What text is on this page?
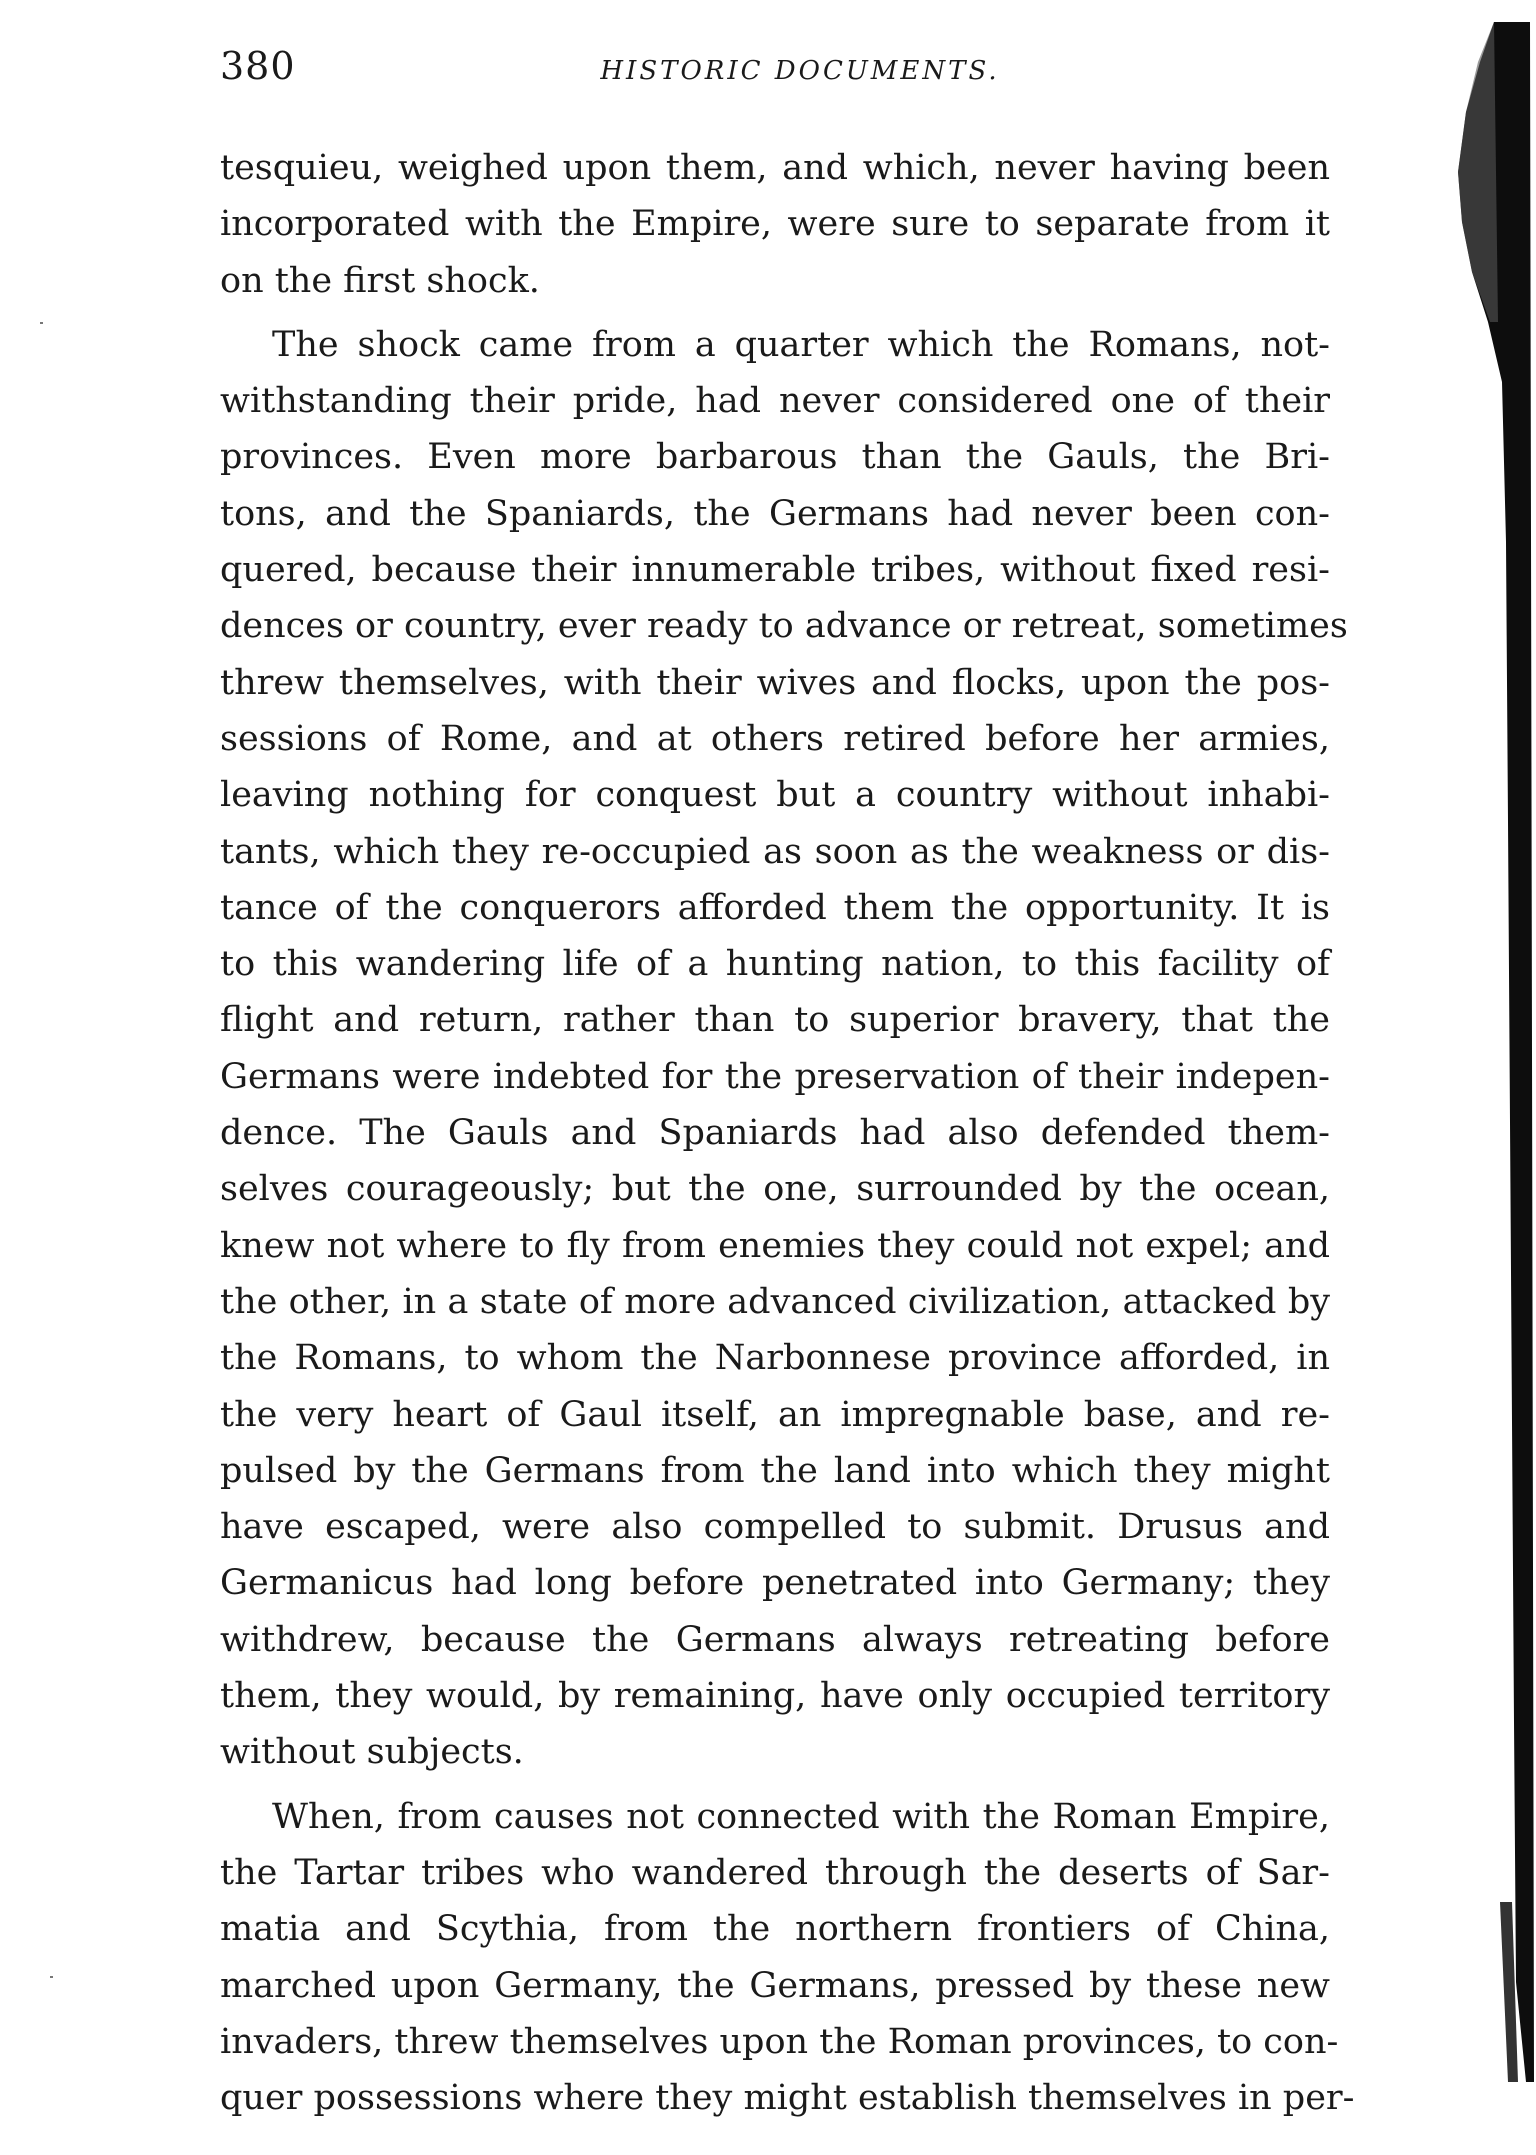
380	HISTORIC DOCUMENTS.
tesquieu, weighed upon them, and which, never having been
incorporated with the Empire, were sure to separate from it
on the first shock.
The shock came from a quarter which the Romans, not-
withstanding their pride, had never considered one of their
provinces. Even more barbarous than the Gauls, the Bri-
tons, and the Spaniards, the Germans had never been con-
quered, because their innumerable tribes, without fixed resi-
dences or country, ever ready to advance or retreat, sometimes
threw themselves, with their wives and flocks, upon the pos-
sessions of Rome, and at others retired before her armies,
leaving nothing for conquest but a country without inhabi-
tants, which they re-occupied as soon as the weakness or dis-
tance of the conquerors afforded them the opportunity. It is
to this wandering life of a hunting nation, to this facility of
flight and return, rather than to superior bravery, that the
Germans were indebted for the preservation of their indepen-
dence. The Gauls and Spaniards had also defended them-
selves courageously; but the one, surrounded by the ocean,
knew not where to fly from enemies they could not expel; and
the other, in a state of more advanced civilization, attacked by
the Romans, to whom the Narbonnese province afforded, in
the very heart of Gaul itself, an impregnable base, and re-
pulsed by the Germans from the land into which they might
have escaped, were also compelled to submit. Drusus and
Germanicus had long before penetrated into Germany; they
withdrew, because the Germans always retreating before
them, they would, by remaining, have only occupied territory
without subjects.
When, from causes not connected with the Roman Empire,
the Tartar tribes who wandered through the deserts of Sar-
matia and Scythia, from the northern frontiers of China,
marched upon Germany, the Germans, pressed by these new
invaders, threw themselves upon the Roman provinces, to con-
quer possessions where they might establish themselves in per-
